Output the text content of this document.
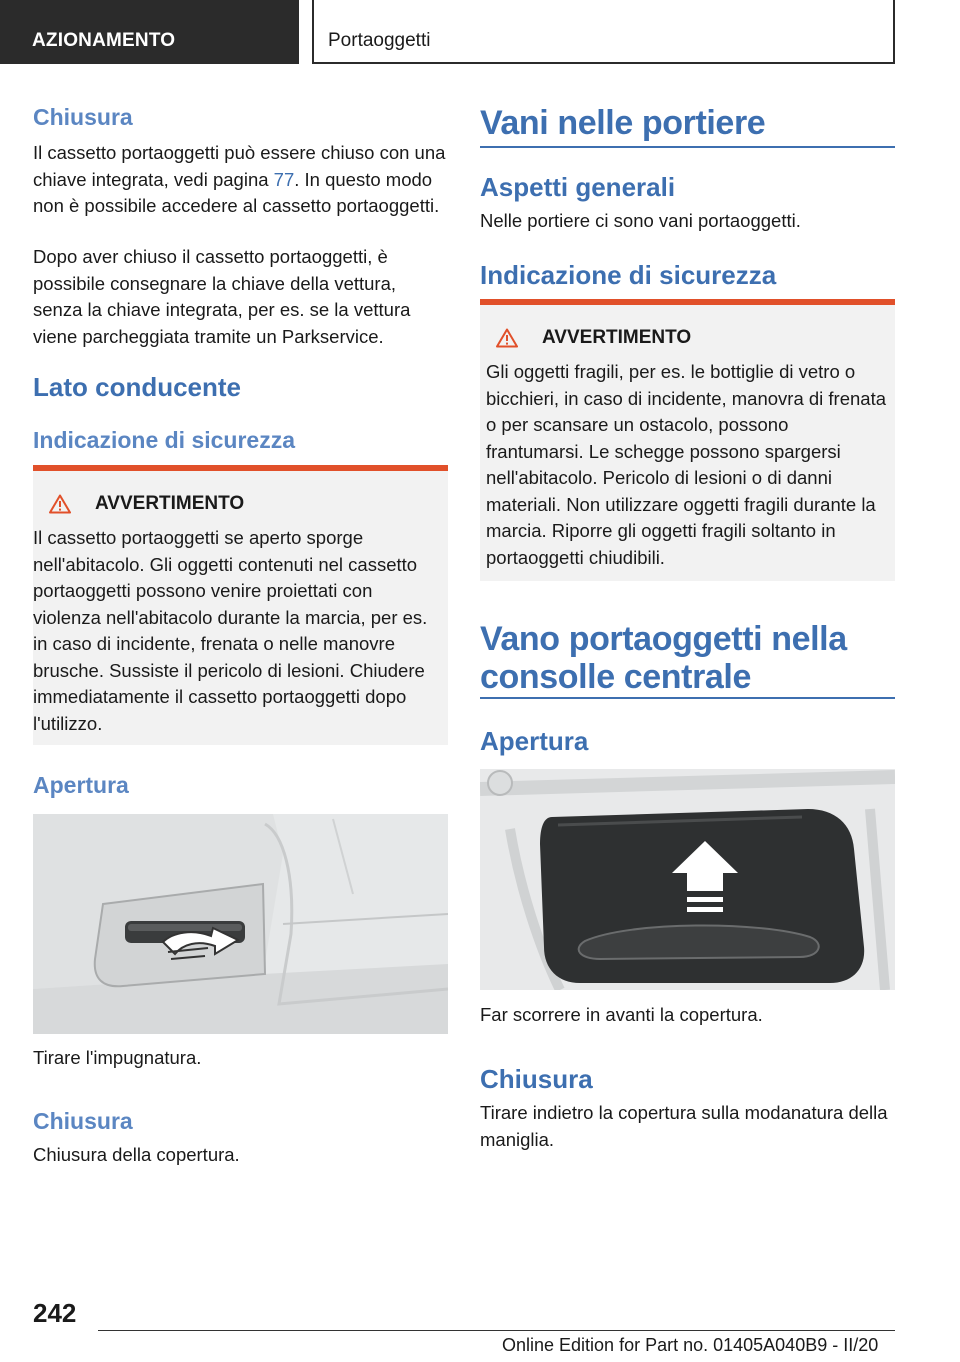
AZIONAMENTO	Portaoggetti
Chiusura

Il cassetto portaoggetti può essere chiuso con una chiave integrata, vedi pagina 77. In questo modo non è possibile accedere al cassetto portaoggetti.

Dopo aver chiuso il cassetto portaoggetti, è possibile consegnare la chiave della vettura, senza la chiave integrata, per es. se la vettura viene parcheggiata tramite un Parkservice.

Lato conducente
Indicazione di sicurezza
AVVERTIMENTO

Il cassetto portaoggetti se aperto sporge nell'abitacolo. Gli oggetti contenuti nel cassetto portaoggetti possono venire proiettati con violenza nell'abitacolo durante la marcia, per es. in caso di incidente, frenata o nelle manovre brusche. Sussiste il pericolo di lesioni. Chiudere immediatamente il cassetto portaoggetti dopo l'utilizzo.

Apertura

Tirare l'impugnatura.

Chiusura

Chiusura della copertura.

Vani nelle portiere
Aspetti generali

Nelle portiere ci sono vani portaoggetti.

Indicazione di sicurezza
AVVERTIMENTO

Gli oggetti fragili, per es. le bottiglie di vetro o bicchieri, in caso di incidente, manovra di frenata o per scansare un ostacolo, possono frantumarsi. Le schegge possono spargersi nell'abitacolo. Pericolo di lesioni o di danni materiali. Non utilizzare oggetti fragili durante la marcia. Riporre gli oggetti fragili soltanto in portaoggetti chiudibili.

Vano portaoggetti nella consolle centrale
Apertura

Far scorrere in avanti la copertura.

Chiusura

Tirare indietro la copertura sulla modanatura della maniglia.

242
Online Edition for Part no. 01405A040B9 - II/20
